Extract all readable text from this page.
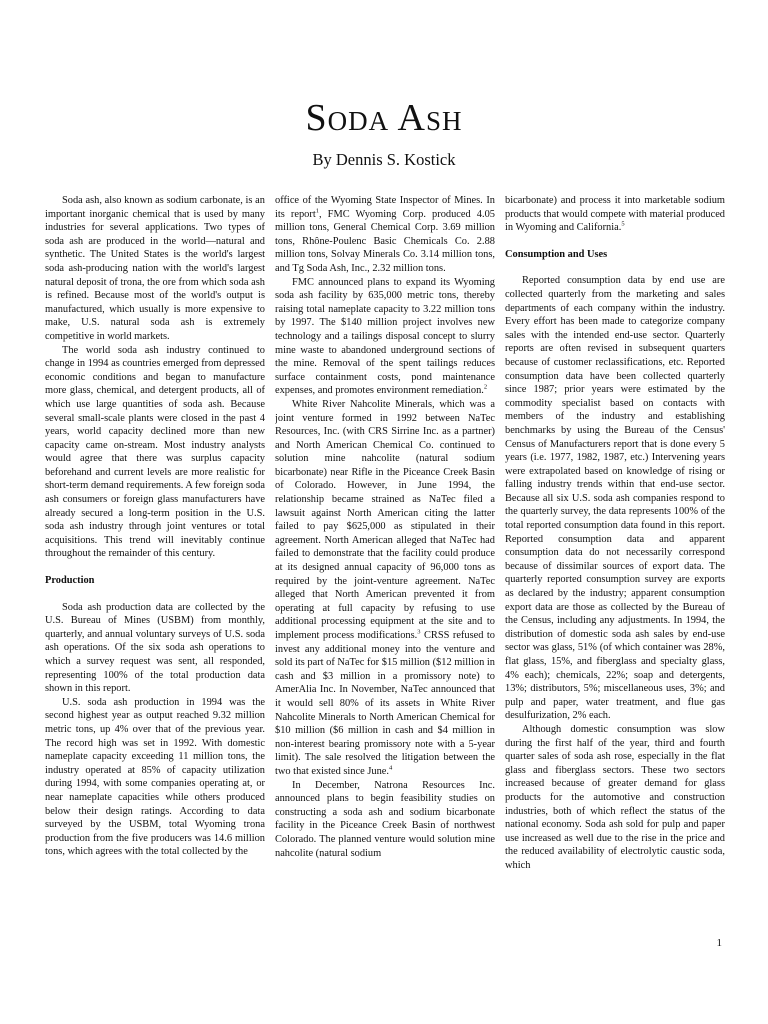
Soda Ash
By Dennis S. Kostick

Soda ash, also known as sodium carbonate, is an important inorganic chemical that is used by many industries for several applications. Two types of soda ash are produced in the world—natural and synthetic. The United States is the world's largest soda ash-producing nation with the world's largest natural deposit of trona, the ore from which soda ash is refined. Because most of the world's output is manufactured, which usually is more expensive to make, U.S. natural soda ash is extremely competitive in world markets.

The world soda ash industry continued to change in 1994 as countries emerged from depressed economic conditions and began to manufacture more glass, chemical, and detergent products, all of which use large quantities of soda ash. Because several small-scale plants were closed in the past 4 years, world capacity declined more than new capacity came on-stream. Most industry analysts would agree that there was surplus capacity beforehand and current levels are more realistic for short-term demand requirements. A few foreign soda ash consumers or foreign glass manufacturers have already secured a long-term position in the U.S. soda ash industry through joint ventures or total acquisitions. This trend will inevitably continue throughout the remainder of this century.

Production

Soda ash production data are collected by the U.S. Bureau of Mines (USBM) from monthly, quarterly, and annual voluntary surveys of U.S. soda ash operations. Of the six soda ash operations to which a survey request was sent, all responded, representing 100% of the total production data shown in this report.

U.S. soda ash production in 1994 was the second highest year as output reached 9.32 million metric tons, up 4% over that of the previous year. The record high was set in 1992. With domestic nameplate capacity exceeding 11 million tons, the industry operated at 85% of capacity utilization during 1994, with some companies operating at, or near nameplate capacities while others produced below their design ratings. According to data surveyed by the USBM, total Wyoming trona production from the five producers was 14.6 million tons, which agrees with the total collected by the

office of the Wyoming State Inspector of Mines. In its report$^1$, FMC Wyoming Corp. produced 4.05 million tons, General Chemical Corp. 3.69 million tons, Rhône-Poulenc Basic Chemicals Co. 2.88 million tons, Solvay Minerals Co. 3.14 million tons, and Tg Soda Ash, Inc., 2.32 million tons.

FMC announced plans to expand its Wyoming soda ash facility by 635,000 metric tons, thereby raising total nameplate capacity to 3.22 million tons by 1997. The $140 million project involves new technology and a tailings disposal concept to slurry mine waste to abandoned underground sections of the mine. Removal of the spent tailings reduces surface containment costs, pond maintenance expenses, and promotes environment remediation.$^2$

White River Nahcolite Minerals, which was a joint venture formed in 1992 between NaTec Resources, Inc. (with CRS Sirrine Inc. as a partner) and North American Chemical Co. continued to solution mine nahcolite (natural sodium bicarbonate) near Rifle in the Piceance Creek Basin of Colorado. However, in June 1994, the relationship became strained as NaTec filed a lawsuit against North American citing the latter failed to pay $625,000 as stipulated in their agreement. North American alleged that NaTec had failed to demonstrate that the facility could produce at its designed annual capacity of 96,000 tons as required by the joint-venture agreement. NaTec alleged that North American prevented it from operating at full capacity by refusing to use additional processing equipment at the site and to implement process modifications.$^3$ CRSS refused to invest any additional money into the venture and sold its part of NaTec for $15 million ($12 million in cash and $3 million in a promissory note) to AmerAlia Inc. In November, NaTec announced that it would sell 80% of its assets in White River Nahcolite Minerals to North American Chemical for $10 million ($6 million in cash and $4 million in non-interest bearing promissory note with a 5-year limit). The sale resolved the litigation between the two that existed since June.$^4$

In December, Natrona Resources Inc. announced plans to begin feasibility studies on constructing a soda ash and sodium bicarbonate facility in the Piceance Creek Basin of northwest Colorado. The planned venture would solution mine nahcolite (natural sodium

bicarbonate) and process it into marketable sodium products that would compete with material produced in Wyoming and California.$^5$

Consumption and Uses

Reported consumption data by end use are collected quarterly from the marketing and sales departments of each company within the industry. Every effort has been made to categorize company sales with the intended end-use sector. Quarterly reports are often revised in subsequent quarters because of customer reclassifications, etc. Reported consumption data have been collected quarterly since 1987; prior years were estimated by the commodity specialist based on contacts with members of the industry and establishing benchmarks by using the Bureau of the Census' Census of Manufacturers report that is done every 5 years (i.e. 1977, 1982, 1987, etc.) Intervening years were extrapolated based on knowledge of rising or falling industry trends within that end-use sector. Because all six U.S. soda ash companies respond to the quarterly survey, the data represents 100% of the total reported consumption data found in this report. Reported consumption data and apparent consumption data do not necessarily correspond because of dissimilar sources of export data. The quarterly reported consumption survey are exports as declared by the industry; apparent consumption export data are those as collected by the Bureau of the Census, including any adjustments. In 1994, the distribution of domestic soda ash sales by end-use sector was glass, 51% (of which container was 28%, flat glass, 15%, and fiberglass and specialty glass, 4% each); chemicals, 22%; soap and detergents, 13%; distributors, 5%; miscellaneous uses, 3%; and pulp and paper, water treatment, and flue gas desulfurization, 2% each.

Although domestic consumption was slow during the first half of the year, third and fourth quarter sales of soda ash rose, especially in the flat glass and fiberglass sectors. These two sectors increased because of greater demand for glass products for the automotive and construction industries, both of which reflect the status of the national economy. Soda ash sold for pulp and paper use increased as well due to the rise in the price and the reduced availability of electrolytic caustic soda, which

1
